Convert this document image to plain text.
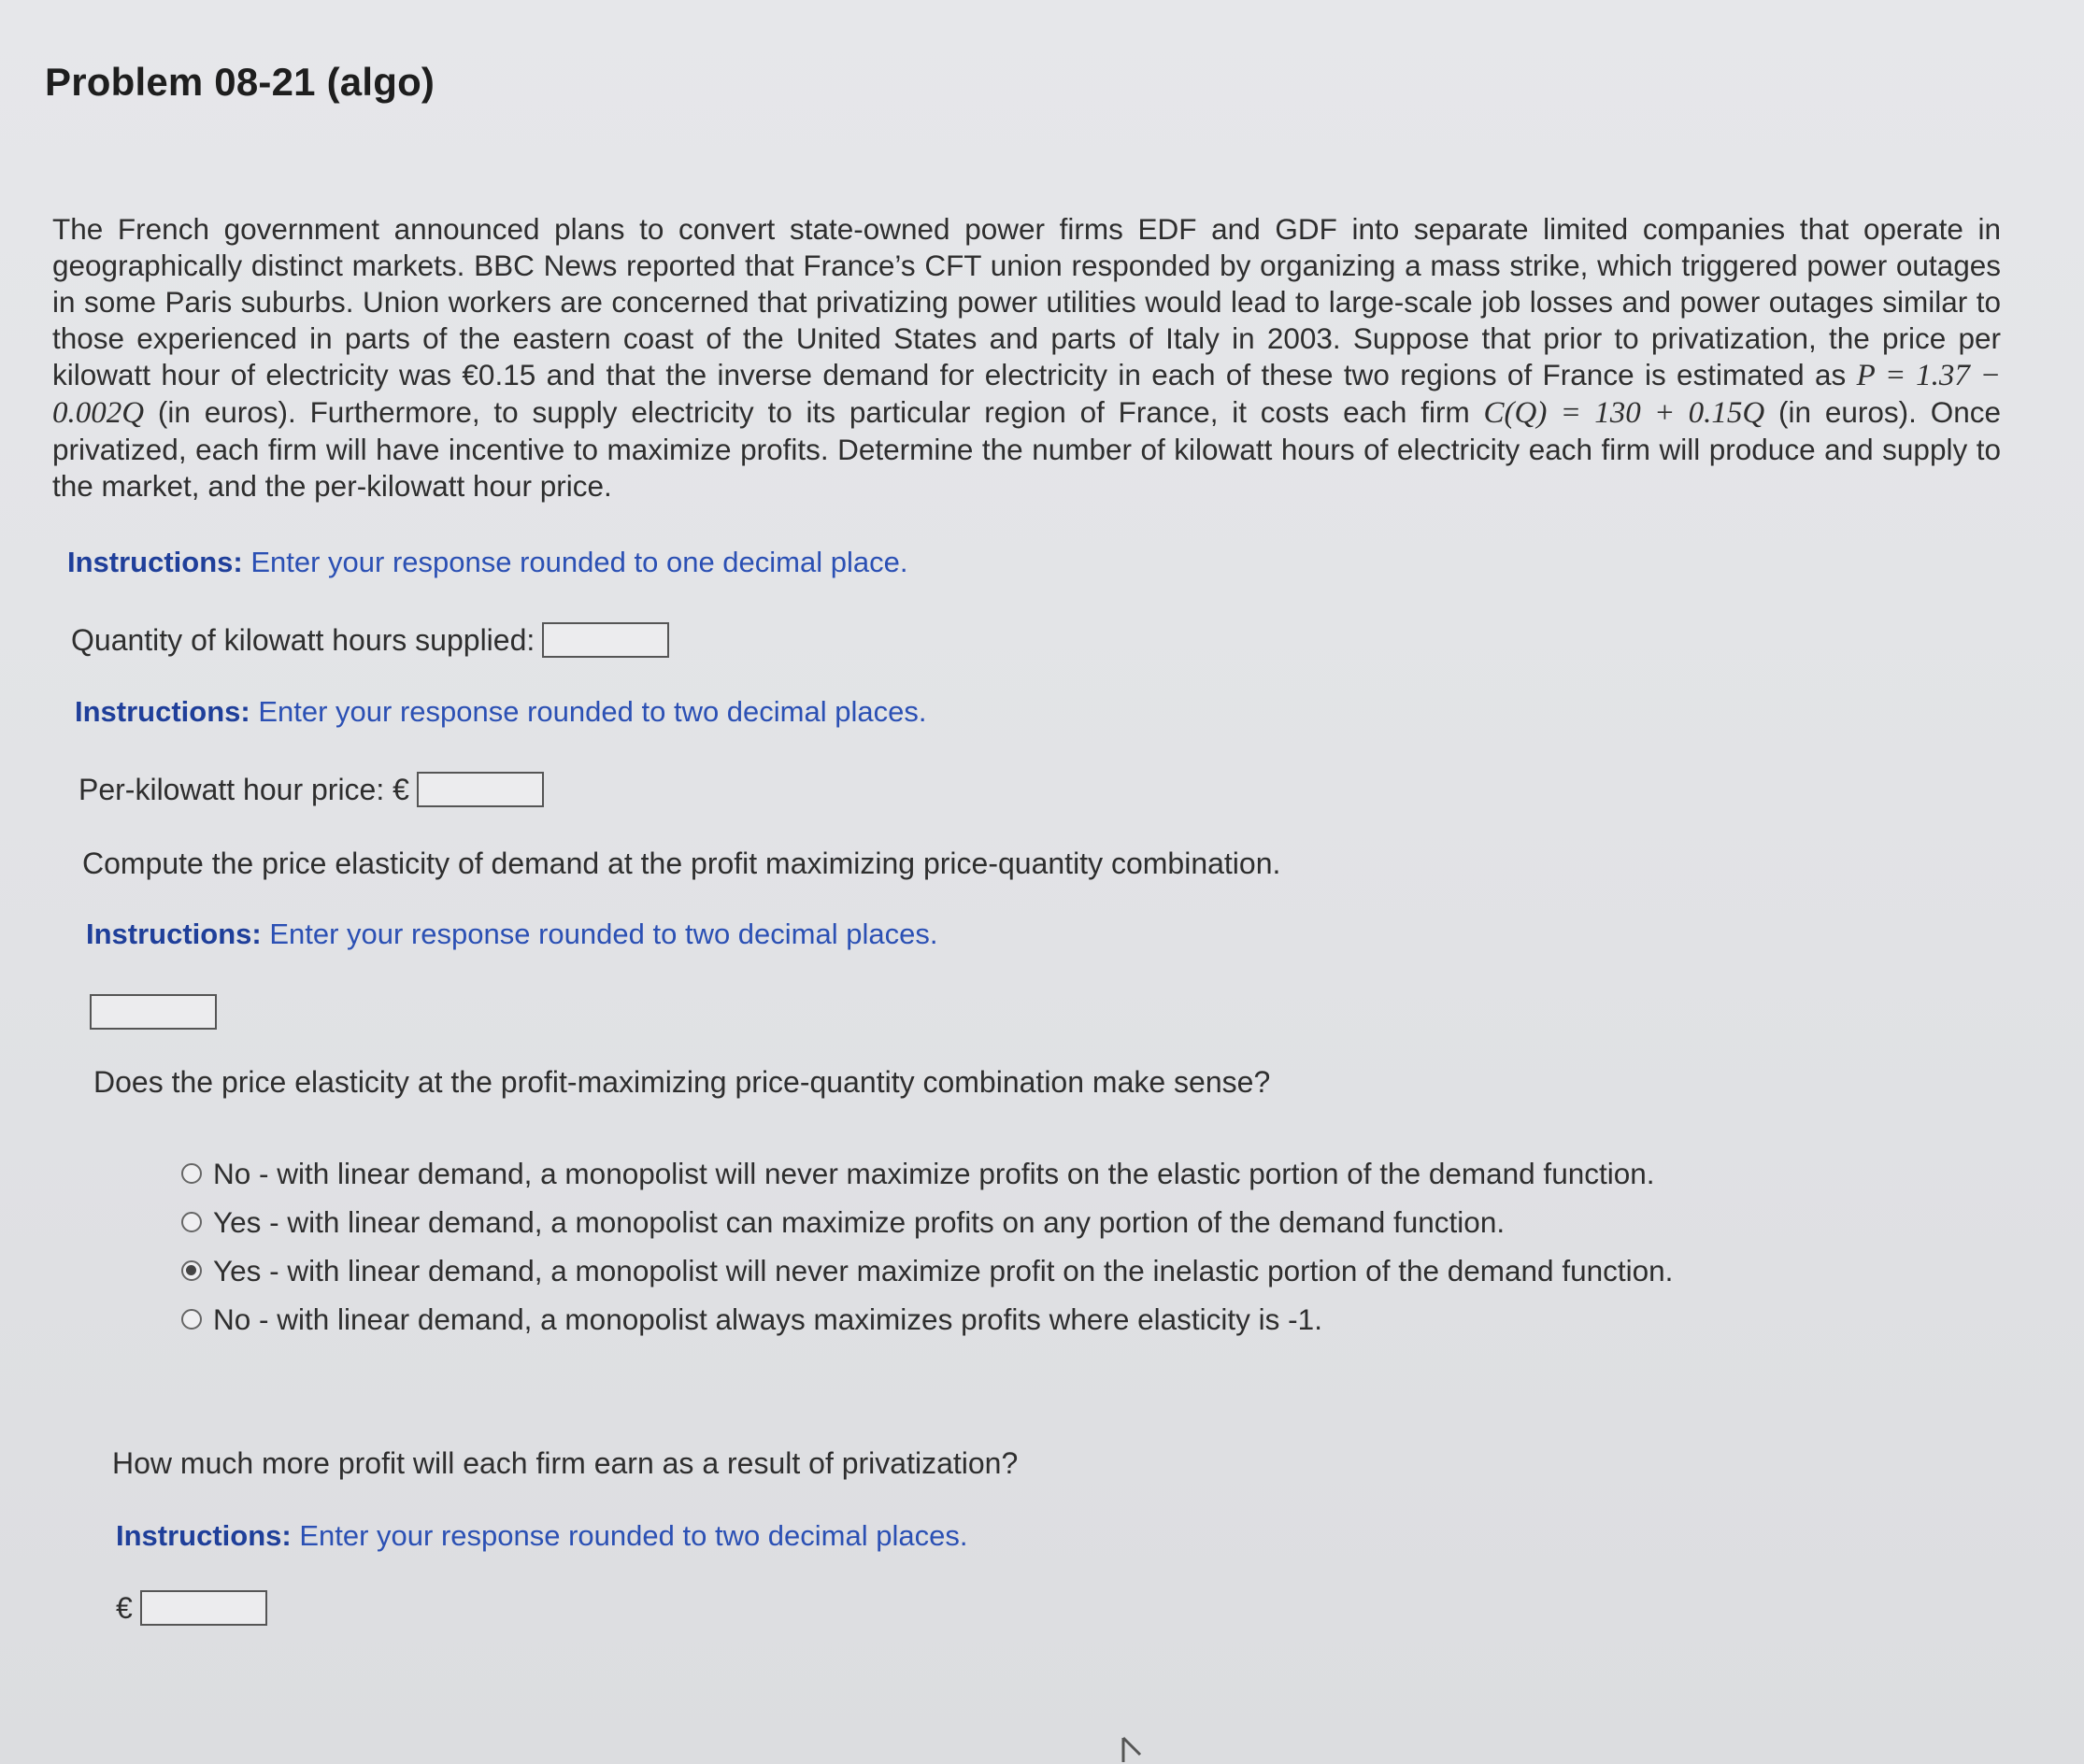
Problem 08-21 (algo)
The French government announced plans to convert state-owned power firms EDF and GDF into separate limited companies that operate in geographically distinct markets. BBC News reported that France’s CFT union responded by organizing a mass strike, which triggered power outages in some Paris suburbs. Union workers are concerned that privatizing power utilities would lead to large-scale job losses and power outages similar to those experienced in parts of the eastern coast of the United States and parts of Italy in 2003. Suppose that prior to privatization, the price per kilowatt hour of electricity was €0.15 and that the inverse demand for electricity in each of these two regions of France is estimated as P = 1.37 − 0.002Q (in euros). Furthermore, to supply electricity to its particular region of France, it costs each firm C(Q) = 130 + 0.15Q (in euros). Once privatized, each firm will have incentive to maximize profits. Determine the number of kilowatt hours of electricity each firm will produce and supply to the market, and the per-kilowatt hour price.
Instructions: Enter your response rounded to one decimal place.
Quantity of kilowatt hours supplied:
Instructions: Enter your response rounded to two decimal places.
Per-kilowatt hour price: €
Compute the price elasticity of demand at the profit maximizing price-quantity combination.
Instructions: Enter your response rounded to two decimal places.
Does the price elasticity at the profit-maximizing price-quantity combination make sense?
No - with linear demand, a monopolist will never maximize profits on the elastic portion of the demand function.
Yes - with linear demand, a monopolist can maximize profits on any portion of the demand function.
Yes - with linear demand, a monopolist will never maximize profit on the inelastic portion of the demand function.
No - with linear demand, a monopolist always maximizes profits where elasticity is -1.
How much more profit will each firm earn as a result of privatization?
Instructions: Enter your response rounded to two decimal places.
€
